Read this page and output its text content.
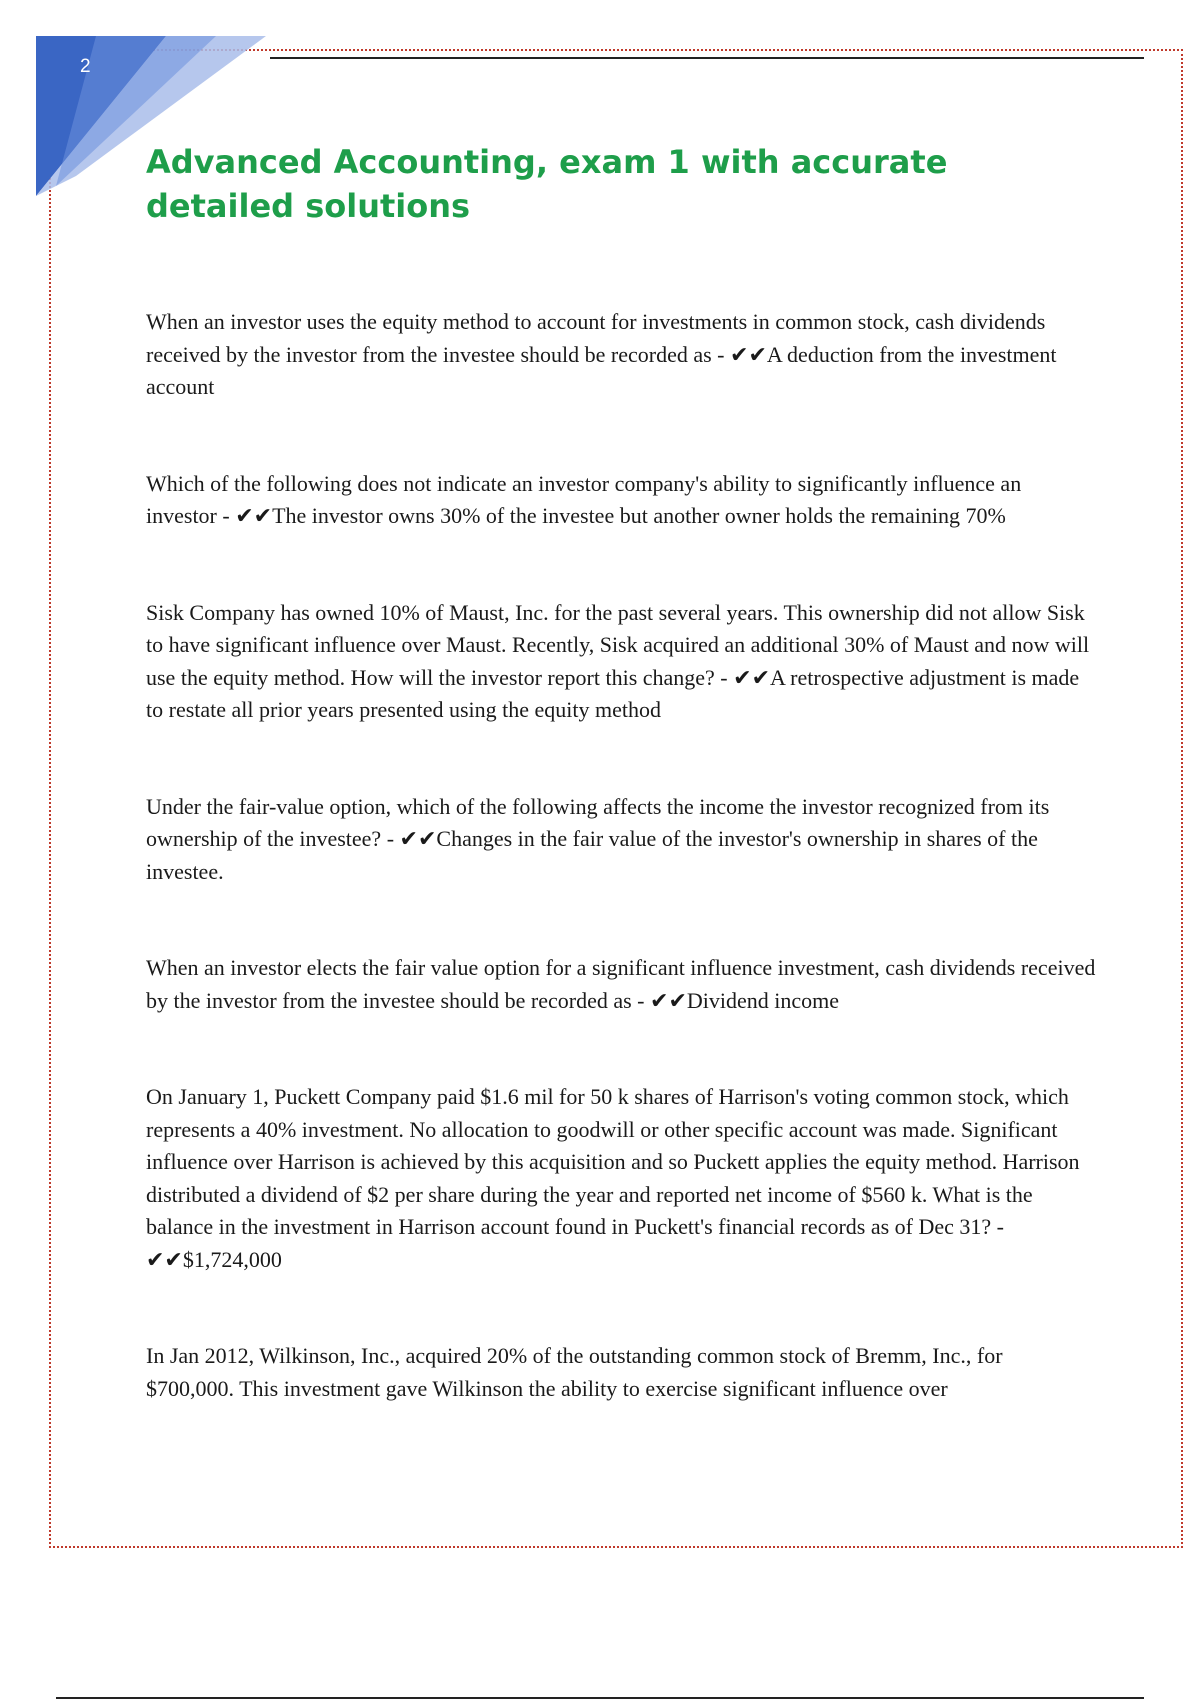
2
Advanced Accounting, exam 1 with accurate detailed solutions

When an investor uses the equity method to account for investments in common stock, cash dividends received by the investor from the investee should be recorded as - ✔✔A deduction from the investment account

Which of the following does not indicate an investor company's ability to significantly influence an investor - ✔✔The investor owns 30% of the investee but another owner holds the remaining 70%

Sisk Company has owned 10% of Maust, Inc. for the past several years. This ownership did not allow Sisk to have significant influence over Maust. Recently, Sisk acquired an additional 30% of Maust and now will use the equity method. How will the investor report this change? - ✔✔A retrospective adjustment is made to restate all prior years presented using the equity method

Under the fair-value option, which of the following affects the income the investor recognized from its ownership of the investee? - ✔✔Changes in the fair value of the investor's ownership in shares of the investee.

When an investor elects the fair value option for a significant influence investment, cash dividends received by the investor from the investee should be recorded as - ✔✔Dividend income

On January 1, Puckett Company paid $1.6 mil for 50 k shares of Harrison's voting common stock, which represents a 40% investment. No allocation to goodwill or other specific account was made. Significant influence over Harrison is achieved by this acquisition and so Puckett applies the equity method. Harrison distributed a dividend of $2 per share during the year and reported net income of $560 k. What is the balance in the investment in Harrison account found in Puckett's financial records as of Dec 31? - ✔✔$1,724,000

In Jan 2012, Wilkinson, Inc., acquired 20% of the outstanding common stock of Bremm, Inc., for $700,000. This investment gave Wilkinson the ability to exercise significant influence over
